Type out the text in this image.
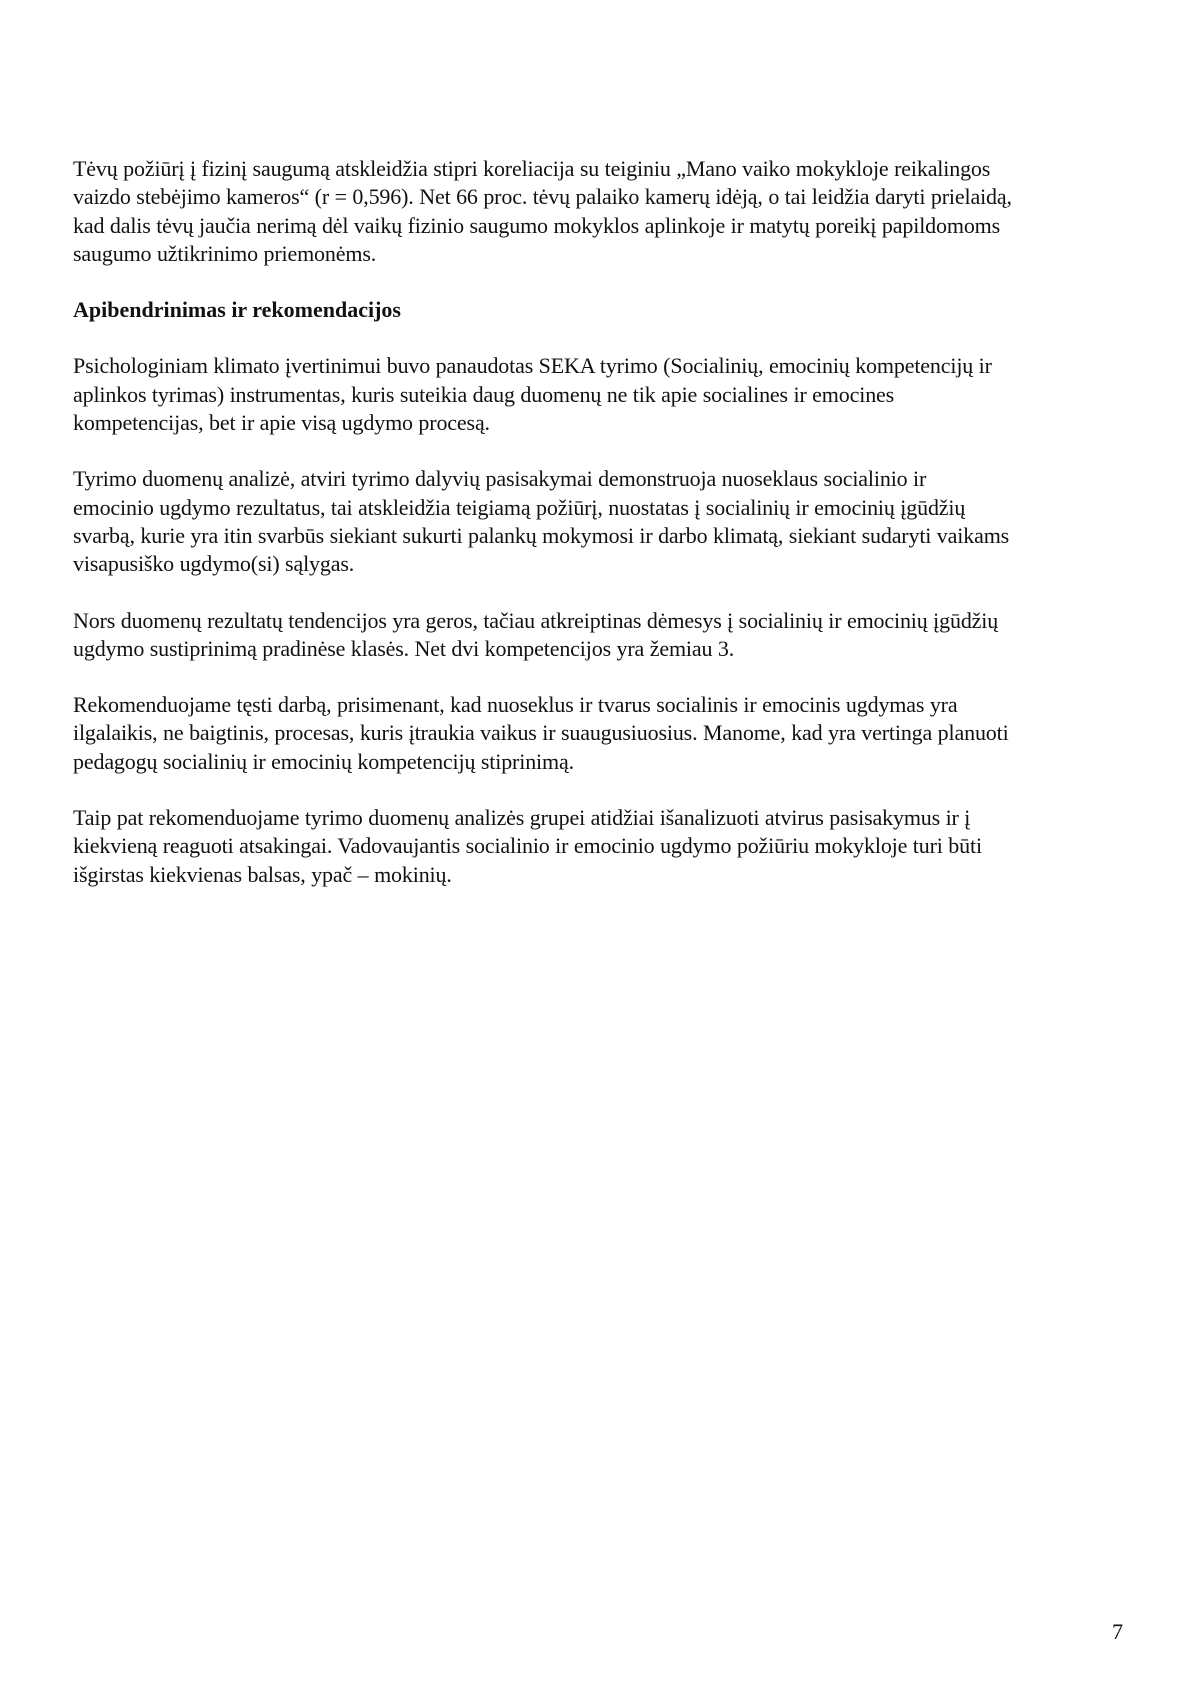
Tėvų požiūrį į fizinį saugumą atskleidžia stipri koreliacija su teiginiu „Mano vaiko mokykloje reikalingos
vaizdo stebėjimo kameros“ (r = 0,596). Net 66 proc. tėvų palaiko kamerų idėją, o tai leidžia daryti prielaidą,
kad dalis tėvų jaučia nerimą dėl vaikų fizinio saugumo mokyklos aplinkoje ir matytų poreikį papildomoms
saugumo užtikrinimo priemonėms.

Apibendrinimas ir rekomendacijos

Psichologiniam klimato įvertinimui buvo panaudotas SEKA tyrimo (Socialinių, emocinių kompetencijų ir
aplinkos tyrimas) instrumentas, kuris suteikia daug duomenų ne tik apie socialines ir emocines
kompetencijas, bet ir apie visą ugdymo procesą.

Tyrimo duomenų analizė, atviri tyrimo dalyvių pasisakymai demonstruoja nuoseklaus socialinio ir
emocinio ugdymo rezultatus, tai atskleidžia teigiamą požiūrį, nuostatas į socialinių ir emocinių įgūdžių
svarbą, kurie yra itin svarbūs siekiant sukurti palankų mokymosi ir darbo klimatą, siekiant sudaryti vaikams
visapusiško ugdymo(si) sąlygas.

Nors duomenų rezultatų tendencijos yra geros, tačiau atkreiptinas dėmesys į socialinių ir emocinių įgūdžių
ugdymo sustiprinimą pradinėse klasės. Net dvi kompetencijos yra žemiau 3.

Rekomenduojame tęsti darbą, prisimenant, kad nuoseklus ir tvarus socialinis ir emocinis ugdymas yra
ilgalaikis, ne baigtinis, procesas, kuris įtraukia vaikus ir suaugusiuosius. Manome, kad yra vertinga planuoti
pedagogų socialinių ir emocinių kompetencijų stiprinimą.

Taip pat rekomenduojame tyrimo duomenų analizės grupei atidžiai išanalizuoti atvirus pasisakymus ir į
kiekvieną reaguoti atsakingai. Vadovaujantis socialinio ir emocinio ugdymo požiūriu mokykloje turi būti
išgirstas kiekvienas balsas, ypač – mokinių.

7
